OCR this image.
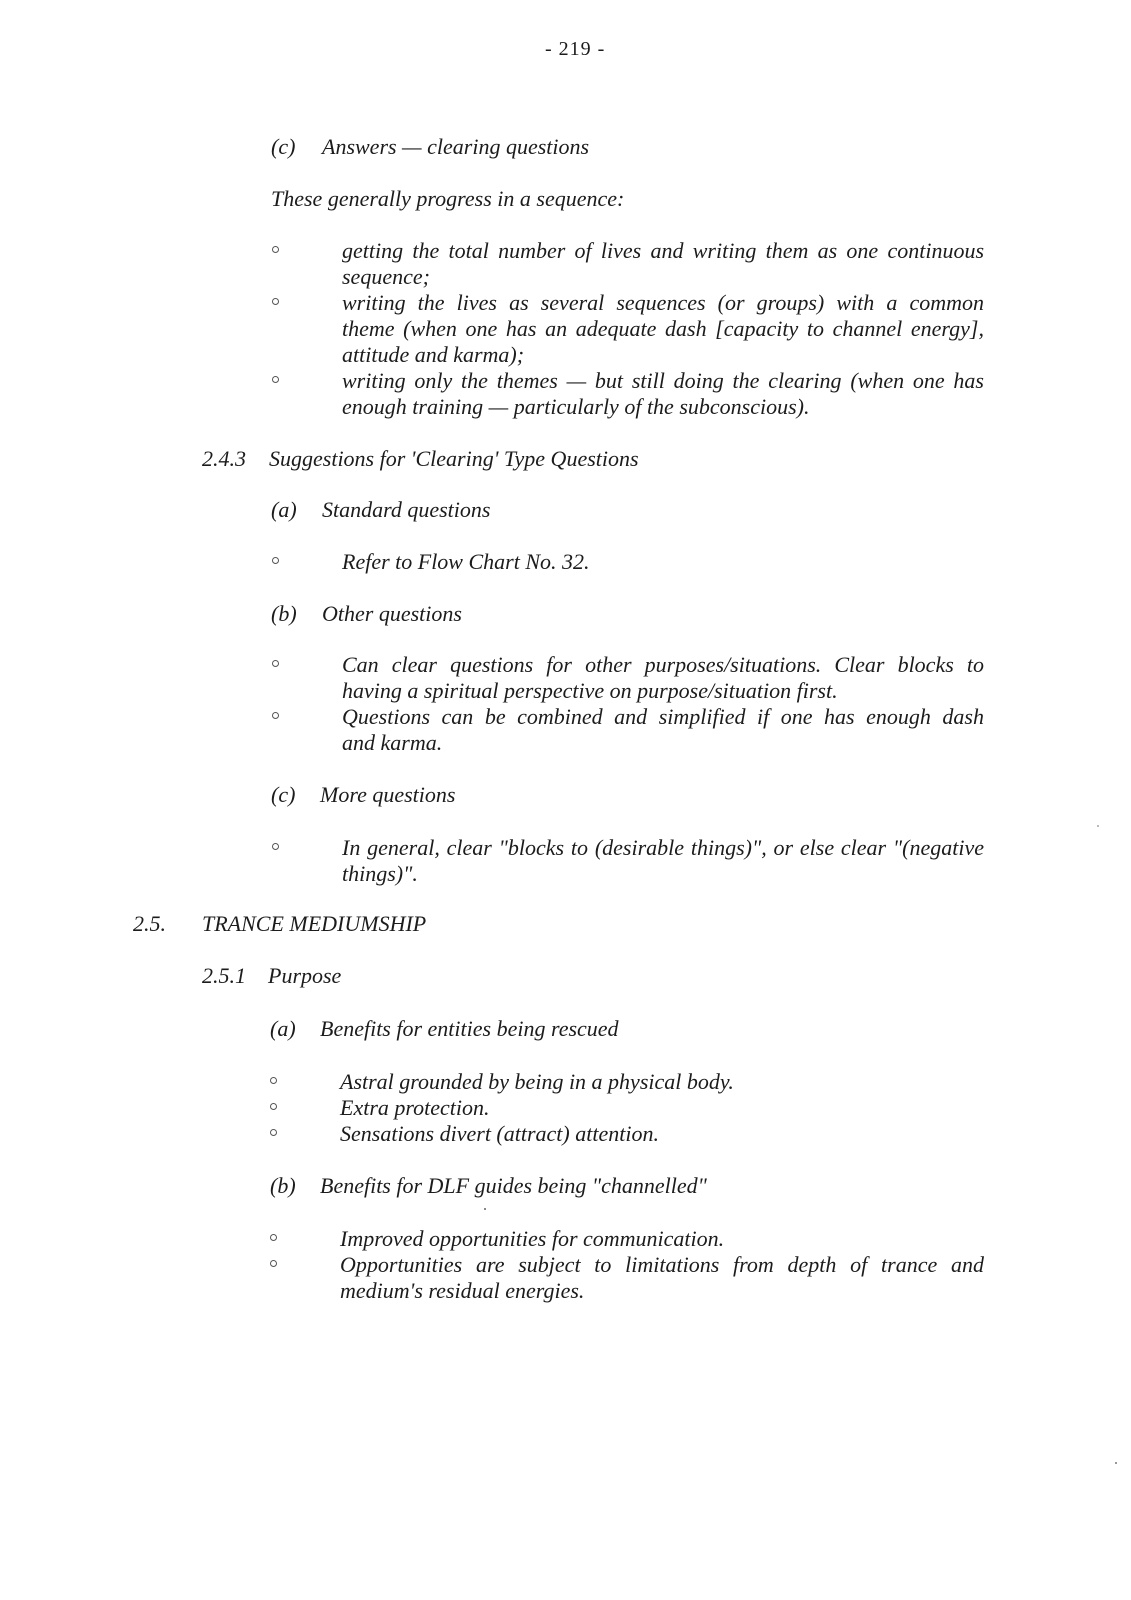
- 219 -

(c) Answers — clearing questions

These generally progress in a sequence:

getting the total number of lives and writing them as one continuous

sequence;

writing the lives as several sequences (or groups) with a common

theme (when one has an adequate dash [capacity to channel energy],

attitude and karma);

writing only the themes — but still doing the clearing (when one has

enough training — particularly of the subconscious).

2.4.3 Suggestions for 'Clearing' Type Questions

(a) Standard questions

Refer to Flow Chart No. 32.

(b) Other questions

Can clear questions for other purposes/situations. Clear blocks to

having a spiritual perspective on purpose/situation first.

Questions can be combined and simplified if one has enough dash

and karma.

(c) More questions

In general, clear "blocks to (desirable things)", or else clear "(negative

things)".

2.5. TRANCE MEDIUMSHIP

2.5.1 Purpose

(a) Benefits for entities being rescued

Astral grounded by being in a physical body.

Extra protection.

Sensations divert (attract) attention.

(b) Benefits for DLF guides being "channelled"

Improved opportunities for communication.

Opportunities are subject to limitations from depth of trance and

medium's residual energies.
